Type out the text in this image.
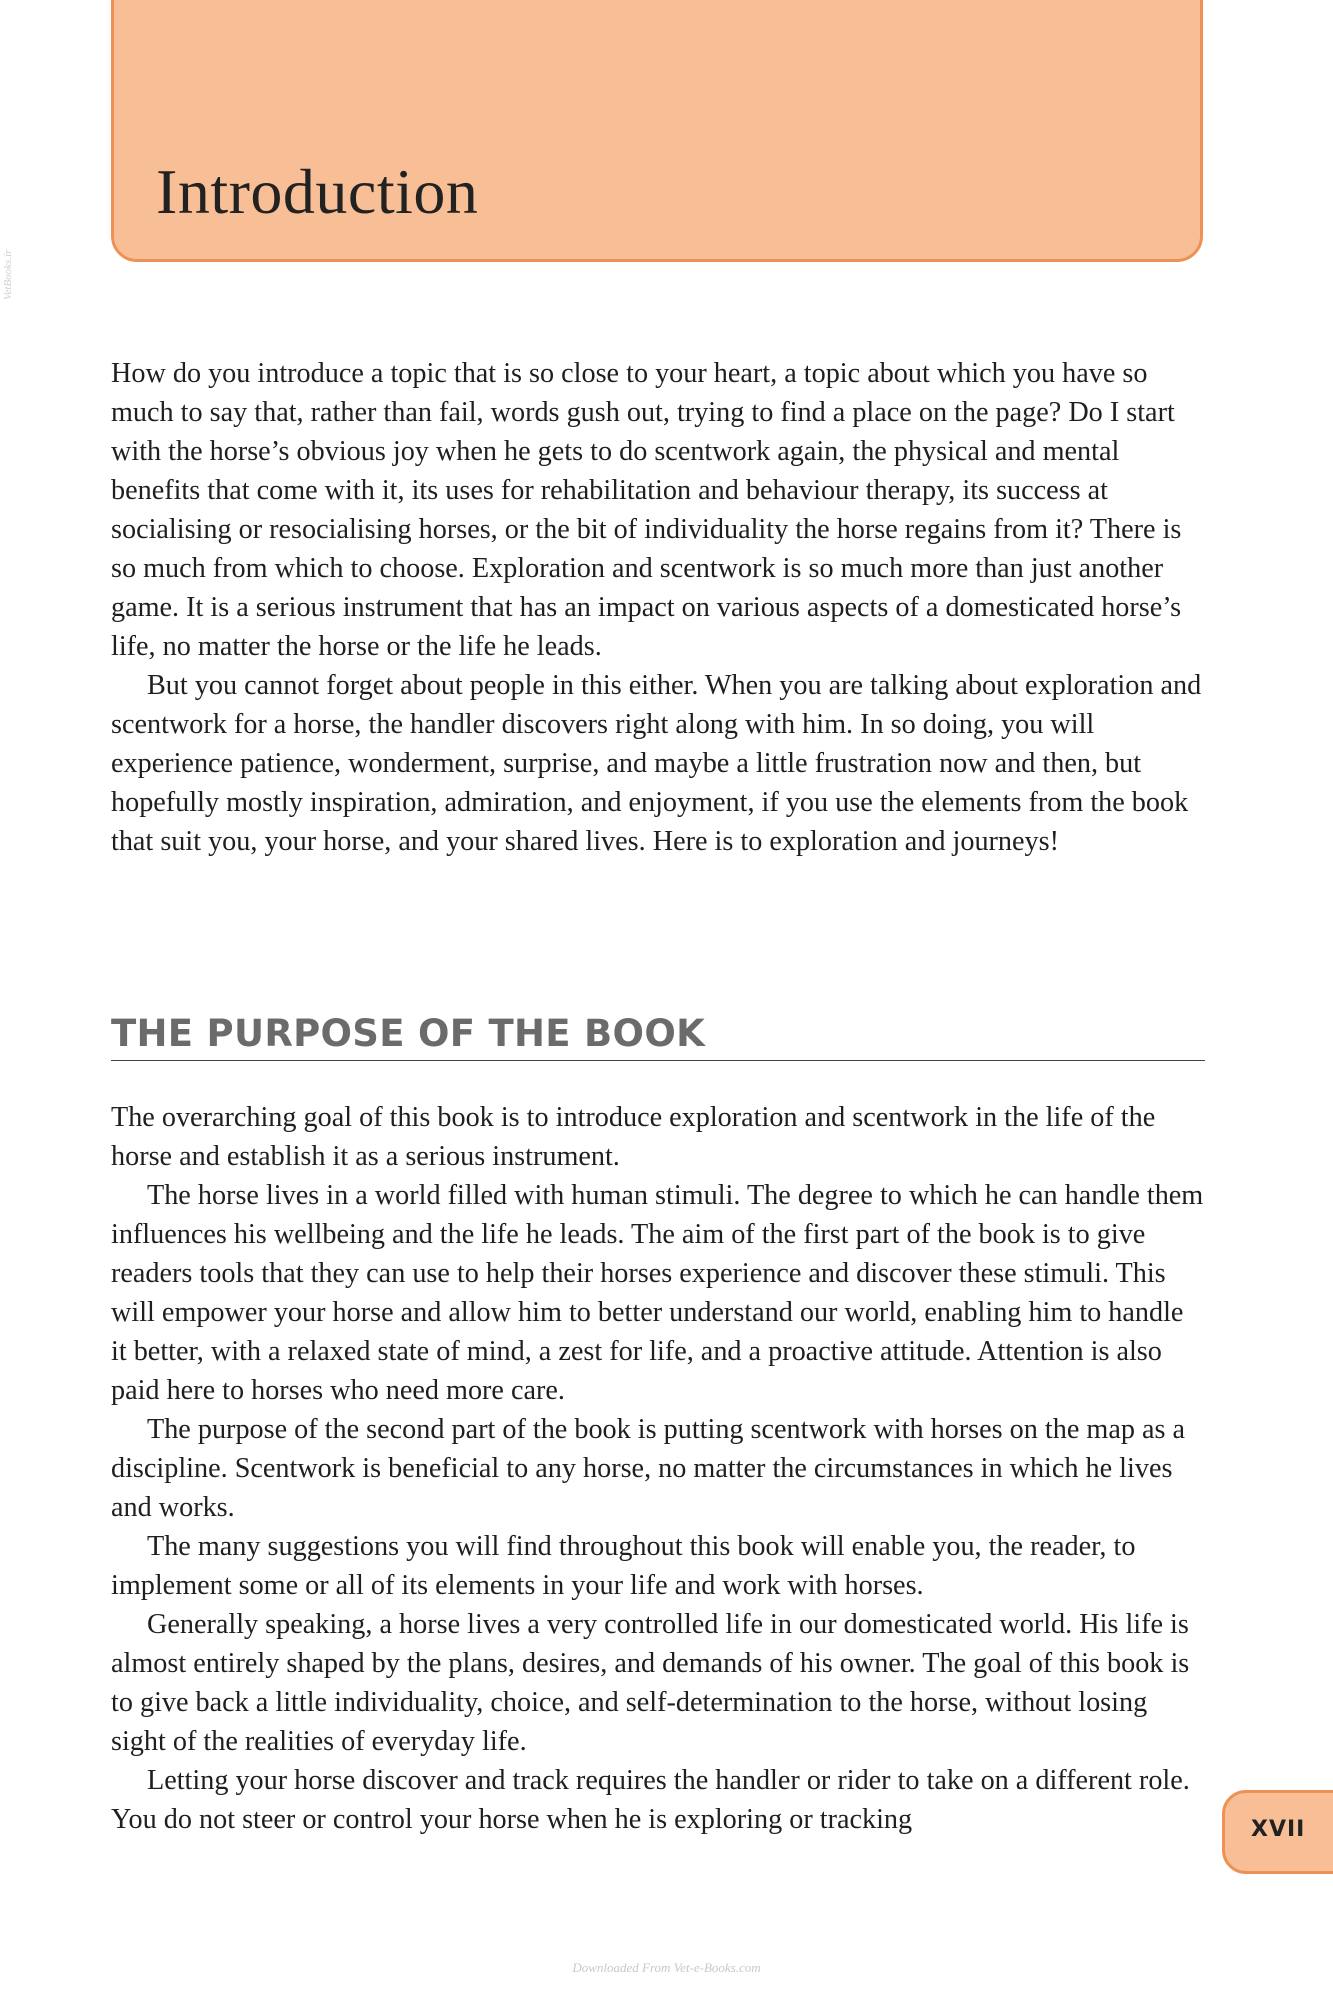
Introduction
VetBooks.ir

How do you introduce a topic that is so close to your heart, a topic about which you have so much to say that, rather than fail, words gush out, trying to find a place on the page? Do I start with the horse’s obvious joy when he gets to do scentwork again, the physical and mental benefits that come with it, its uses for rehabilitation and behaviour therapy, its success at socialising or resocialising horses, or the bit of individuality the horse regains from it? There is so much from which to choose. Exploration and scentwork is so much more than just another game. It is a serious instrument that has an impact on various aspects of a domesticated horse’s life, no matter the horse or the life he leads.

But you cannot forget about people in this either. When you are talking about exploration and scentwork for a horse, the handler discovers right along with him. In so doing, you will experience patience, wonderment, surprise, and maybe a little frustration now and then, but hopefully mostly inspiration, admiration, and enjoyment, if you use the elements from the book that suit you, your horse, and your shared lives. Here is to exploration and journeys!

THE PURPOSE OF THE BOOK

The overarching goal of this book is to introduce exploration and scentwork in the life of the horse and establish it as a serious instrument.

The horse lives in a world filled with human stimuli. The degree to which he can handle them influences his wellbeing and the life he leads. The aim of the first part of the book is to give readers tools that they can use to help their horses experience and discover these stimuli. This will empower your horse and allow him to better understand our world, enabling him to handle it better, with a relaxed state of mind, a zest for life, and a proactive attitude. Attention is also paid here to horses who need more care.

The purpose of the second part of the book is putting scentwork with horses on the map as a discipline. Scentwork is beneficial to any horse, no matter the circumstances in which he lives and works.

The many suggestions you will find throughout this book will enable you, the reader, to implement some or all of its elements in your life and work with horses.

Generally speaking, a horse lives a very controlled life in our domesticated world. His life is almost entirely shaped by the plans, desires, and demands of his owner. The goal of this book is to give back a little individuality, choice, and self-determination to the horse, without losing sight of the realities of everyday life.

Letting your horse discover and track requires the handler or rider to take on a different role. You do not steer or control your horse when he is exploring or tracking	XVII
Downloaded From Vet-e-Books.com
